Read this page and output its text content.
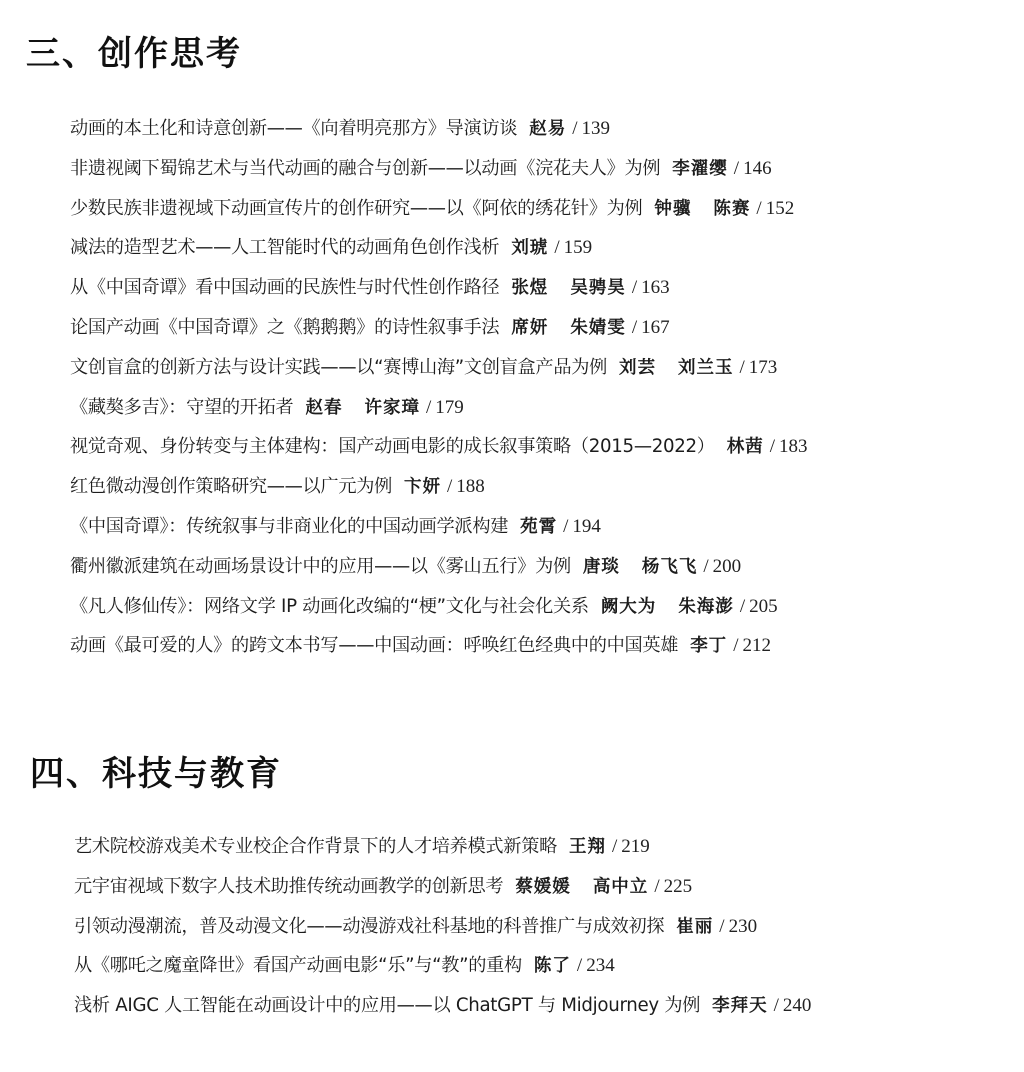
三、创作思考
动画的本土化和诗意创新——《向着明亮那方》导演访谈 赵易 / 139
非遗视阈下蜀锦艺术与当代动画的融合与创新——以动画《浣花夫人》为例 李濯缨 / 146
少数民族非遗视域下动画宣传片的创作研究——以《阿依的绣花针》为例 钟骥 陈赛 / 152
减法的造型艺术——人工智能时代的动画角色创作浅析 刘琥 / 159
从《中国奇谭》看中国动画的民族性与时代性创作路径 张煜 吴骋昊 / 163
论国产动画《中国奇谭》之《鹅鹅鹅》的诗性叙事手法 席妍 朱婧雯 / 167
文创盲盒的创新方法与设计实践——以“赛博山海”文创盲盒产品为例 刘芸 刘兰玉 / 173
《藏獒多吉》：守望的开拓者 赵春 许家璋 / 179
视觉奇观、身份转变与主体建构：国产动画电影的成长叙事策略（2015—2022） 林茜 / 183
红色微动漫创作策略研究——以广元为例 卞妍 / 188
《中国奇谭》：传统叙事与非商业化的中国动画学派构建 苑霄 / 194
衢州徽派建筑在动画场景设计中的应用——以《雾山五行》为例 唐琰 杨飞飞 / 200
《凡人修仙传》：网络文学 IP 动画化改编的“梗”文化与社会化关系 阙大为 朱海澎 / 205
动画《最可爱的人》的跨文本书写——中国动画：呼唤红色经典中的中国英雄 李丁 / 212
四、科技与教育
艺术院校游戏美术专业校企合作背景下的人才培养模式新策略 王翔 / 219
元宇宙视域下数字人技术助推传统动画教学的创新思考 蔡媛媛 高中立 / 225
引领动漫潮流，普及动漫文化——动漫游戏社科基地的科普推广与成效初探 崔丽 / 230
从《哪吒之魔童降世》看国产动画电影“乐”与“教”的重构 陈了 / 234
浅析 AIGC 人工智能在动画设计中的应用——以 ChatGPT 与 Midjourney 为例 李拜天 / 240
